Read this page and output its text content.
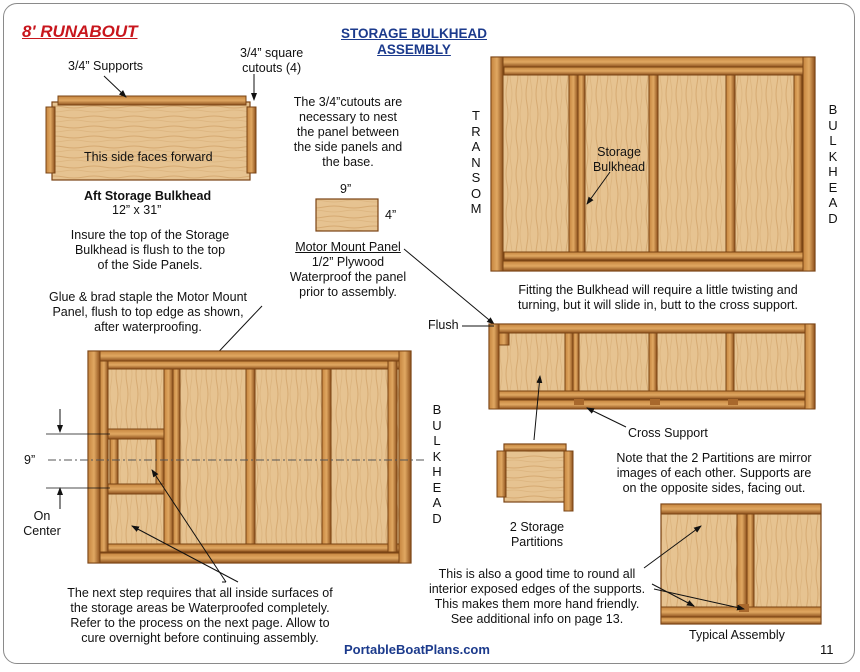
8' RUNABOUT	STORAGE BULKHEAD
ASSEMBLY
3/4” Supports
3/4” square
cutouts (4)
This side faces forward
Aft Storage Bulkhead
12” x 31”
Insure the top of the Storage
Bulkhead is flush to the top
of the Side Panels.
The 3/4”cutouts are
necessary to nest
the panel between
the side panels and
the base.
9”
4”
Motor Mount Panel
1/2” Plywood
Waterproof the panel
prior to assembly.
Glue & brad staple the Motor Mount
Panel, flush to top edge as shown,
after waterproofing.
TRANSOM
BULKHEAD
Storage
Bulkhead
Fitting the Bulkhead will require a little twisting and
turning, but it will slide in, butt to the cross support.
Flush
Cross Support
2 Storage
Partitions
Note that the 2 Partitions are mirror
images of each other. Supports are
on the opposite sides, facing out.
9”
On
Center
BULKHEAD
The next step requires that all inside surfaces of
the storage areas be Waterproofed completely.
Refer to the process on the next page. Allow to
cure overnight before continuing assembly.
This is also a good time to round all
interior exposed edges of the supports.
This makes them more hand friendly.
See additional info on page 13.
Typical Assembly
PortableBoatPlans.com	11
